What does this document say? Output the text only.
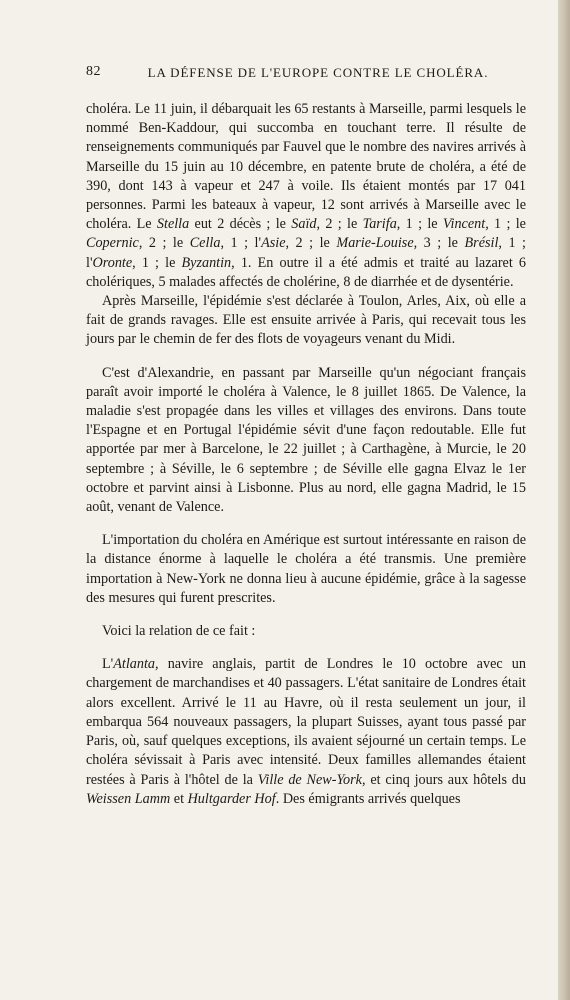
82	LA DÉFENSE DE L'EUROPE CONTRE LE CHOLÉRA.

choléra. Le 11 juin, il débarquait les 65 restants à Marseille, parmi lesquels le nommé Ben-Kaddour, qui succomba en touchant terre. Il résulte de renseignements communiqués par Fauvel que le nombre des navires arrivés à Marseille du 15 juin au 10 décembre, en patente brute de choléra, a été de 390, dont 143 à vapeur et 247 à voile. Ils étaient montés par 17 041 personnes. Parmi les bateaux à vapeur, 12 sont arrivés à Marseille avec le choléra. Le Stella eut 2 décès ; le Saïd, 2 ; le Tarifa, 1 ; le Vincent, 1 ; le Copernic, 2 ; le Cella, 1 ; l'Asie, 2 ; le Marie-Louise, 3 ; le Brésil, 1 ; l'Oronte, 1 ; le Byzantin, 1. En outre il a été admis et traité au lazaret 6 cholériques, 5 malades affectés de cholérine, 8 de diarrhée et de dysentérie.

Après Marseille, l'épidémie s'est déclarée à Toulon, Arles, Aix, où elle a fait de grands ravages. Elle est ensuite arrivée à Paris, qui recevait tous les jours par le chemin de fer des flots de voyageurs venant du Midi.

C'est d'Alexandrie, en passant par Marseille qu'un négociant français paraît avoir importé le choléra à Valence, le 8 juillet 1865. De Valence, la maladie s'est propagée dans les villes et villages des environs. Dans toute l'Espagne et en Portugal l'épidémie sévit d'une façon redoutable. Elle fut apportée par mer à Barcelone, le 22 juillet ; à Carthagène, à Murcie, le 20 septembre ; à Séville, le 6 septembre ; de Séville elle gagna Elvaz le 1er octobre et parvint ainsi à Lisbonne. Plus au nord, elle gagna Madrid, le 15 août, venant de Valence.

L'importation du choléra en Amérique est surtout intéressante en raison de la distance énorme à laquelle le choléra a été transmis. Une première importation à New-York ne donna lieu à aucune épidémie, grâce à la sagesse des mesures qui furent prescrites.

Voici la relation de ce fait :

L'Atlanta, navire anglais, partit de Londres le 10 octobre avec un chargement de marchandises et 40 passagers. L'état sanitaire de Londres était alors excellent. Arrivé le 11 au Havre, où il resta seulement un jour, il embarqua 564 nouveaux passagers, la plupart Suisses, ayant tous passé par Paris, où, sauf quelques exceptions, ils avaient séjourné un certain temps. Le choléra sévissait à Paris avec intensité. Deux familles allemandes étaient restées à Paris à l'hôtel de la Ville de New-York, et cinq jours aux hôtels du Weissen Lamm et Hultgarder Hof. Des émigrants arrivés quelques
